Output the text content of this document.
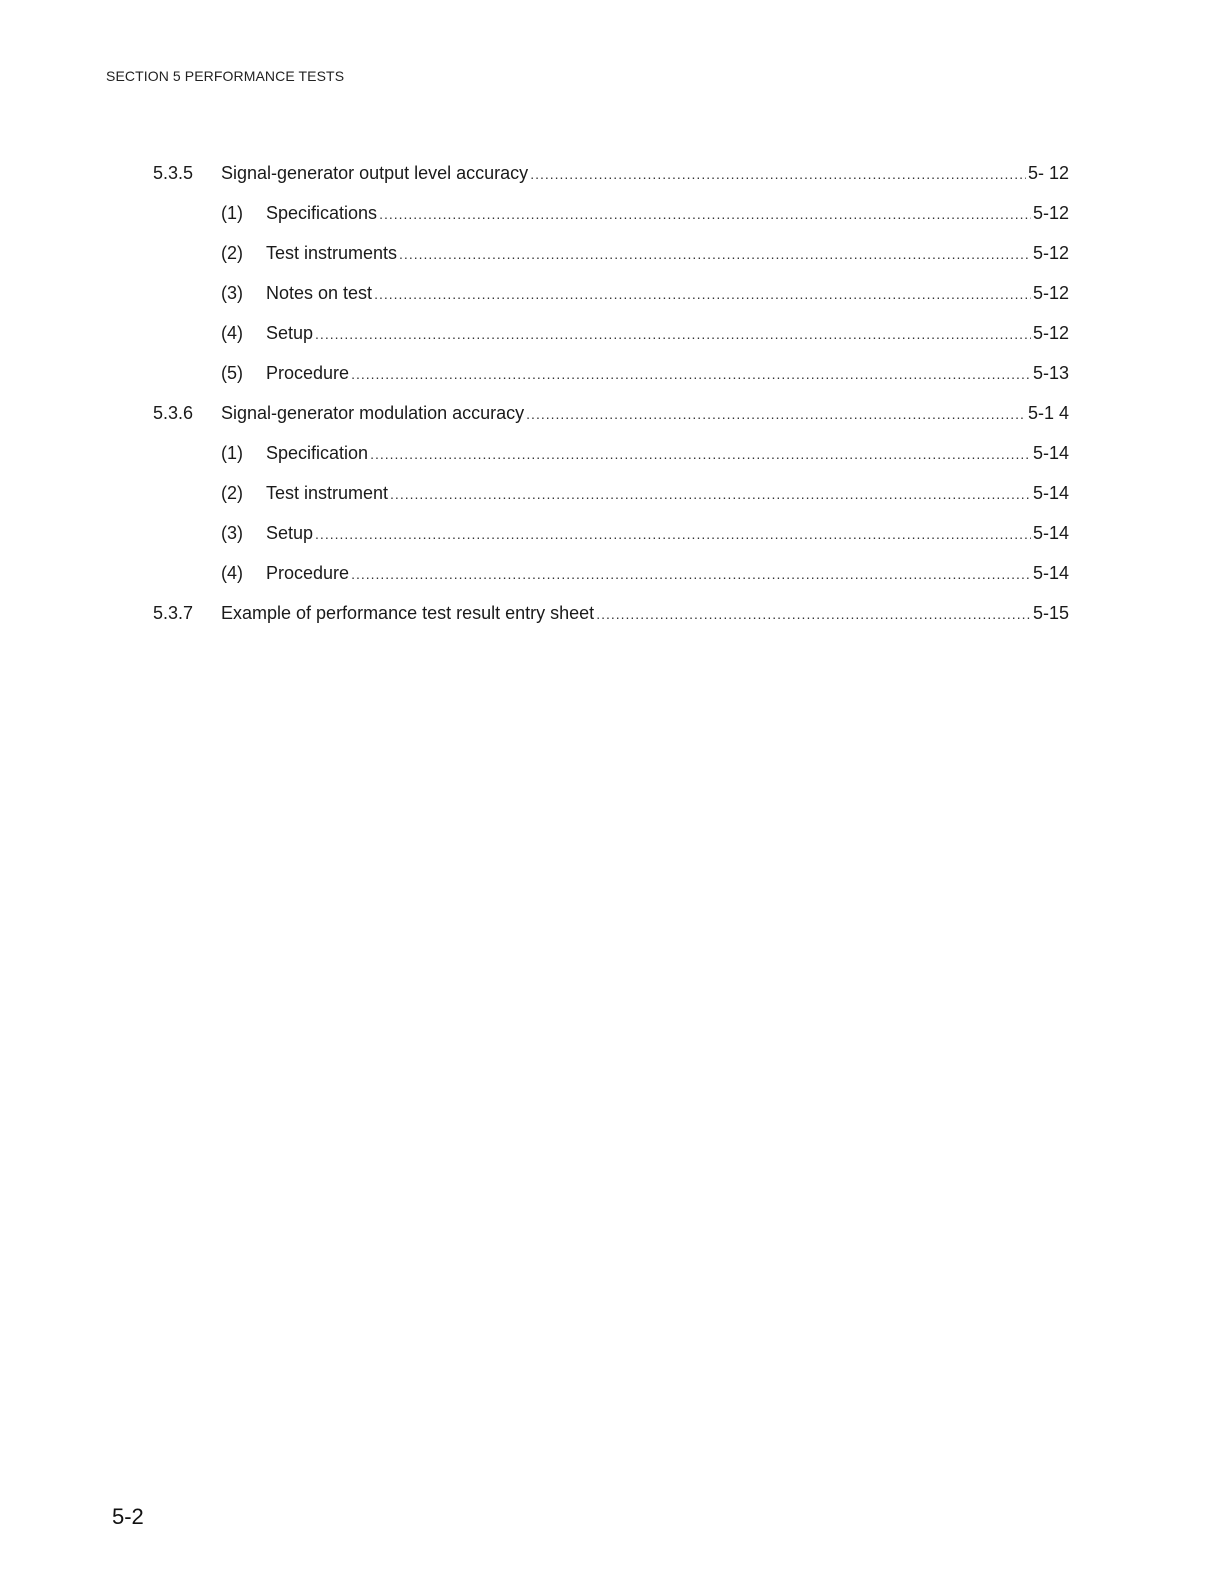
SECTION 5 PERFORMANCE TESTS
5.3.5 Signal-generator output level accuracy .....	5- 12
(1) Specifications .....	5-12
(2) Test instruments .....	5-12
(3) Notes on test .....	5-12
(4) Setup .....	5-12
(5) Procedure .....	5-13
5.3.6 Signal-generator modulation accuracy .....	5-1 4
(1) Specification .....	5-14
(2) Test instrument .....	5-14
(3) Setup .....	5-14
(4) Procedure .....	5-14
5.3.7 Example of performance test result entry sheet .....	5-15
5-2
